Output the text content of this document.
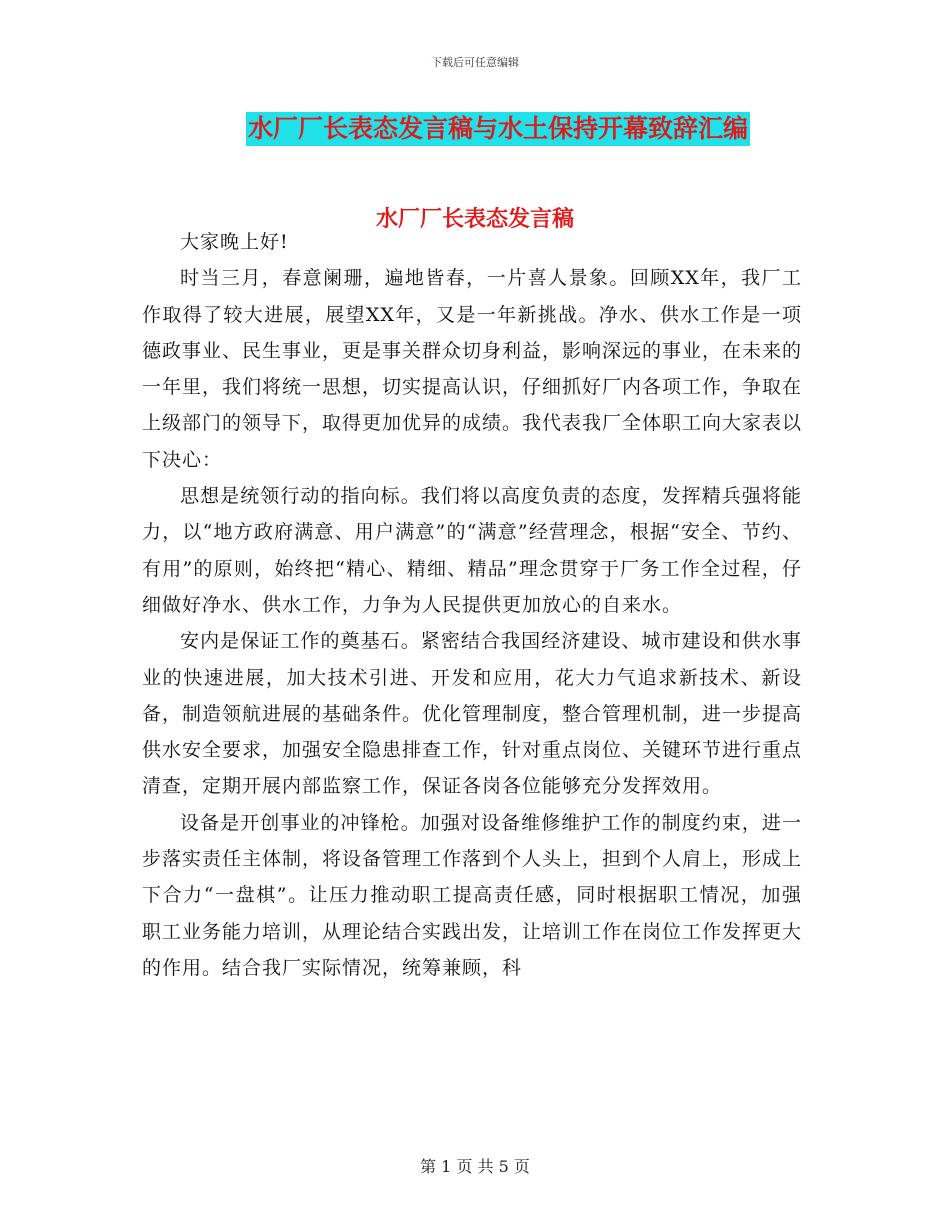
下载后可任意编辑
水厂厂长表态发言稿与水土保持开幕致辞汇编
水厂厂长表态发言稿

大家晚上好!

时当三月，春意阑珊，遍地皆春，一片喜人景象。回顾XX年，我厂工作取得了较大进展，展望XX年，又是一年新挑战。净水、供水工作是一项德政事业、民生事业，更是事关群众切身利益，影响深远的事业，在未来的一年里，我们将统一思想，切实提高认识，仔细抓好厂内各项工作，争取在上级部门的领导下，取得更加优异的成绩。我代表我厂全体职工向大家表以下决心：

思想是统领行动的指向标。我们将以高度负责的态度，发挥精兵强将能力，以“地方政府满意、用户满意”的“满意”经营理念，根据“安全、节约、有用”的原则，始终把“精心、精细、精品”理念贯穿于厂务工作全过程，仔细做好净水、供水工作，力争为人民提供更加放心的自来水。

安内是保证工作的奠基石。紧密结合我国经济建设、城市建设和供水事业的快速进展，加大技术引进、开发和应用，花大力气追求新技术、新设备，制造领航进展的基础条件。优化管理制度，整合管理机制，进一步提高供水安全要求，加强安全隐患排查工作，针对重点岗位、关键环节进行重点清查，定期开展内部监察工作，保证各岗各位能够充分发挥效用。

设备是开创事业的冲锋枪。加强对设备维修维护工作的制度约束，进一步落实责任主体制，将设备管理工作落到个人头上，担到个人肩上，形成上下合力“一盘棋”。让压力推动职工提高责任感，同时根据职工情况，加强职工业务能力培训，从理论结合实践出发，让培训工作在岗位工作发挥更大的作用。结合我厂实际情况，统筹兼顾，科

第 1 页 共 5 页
